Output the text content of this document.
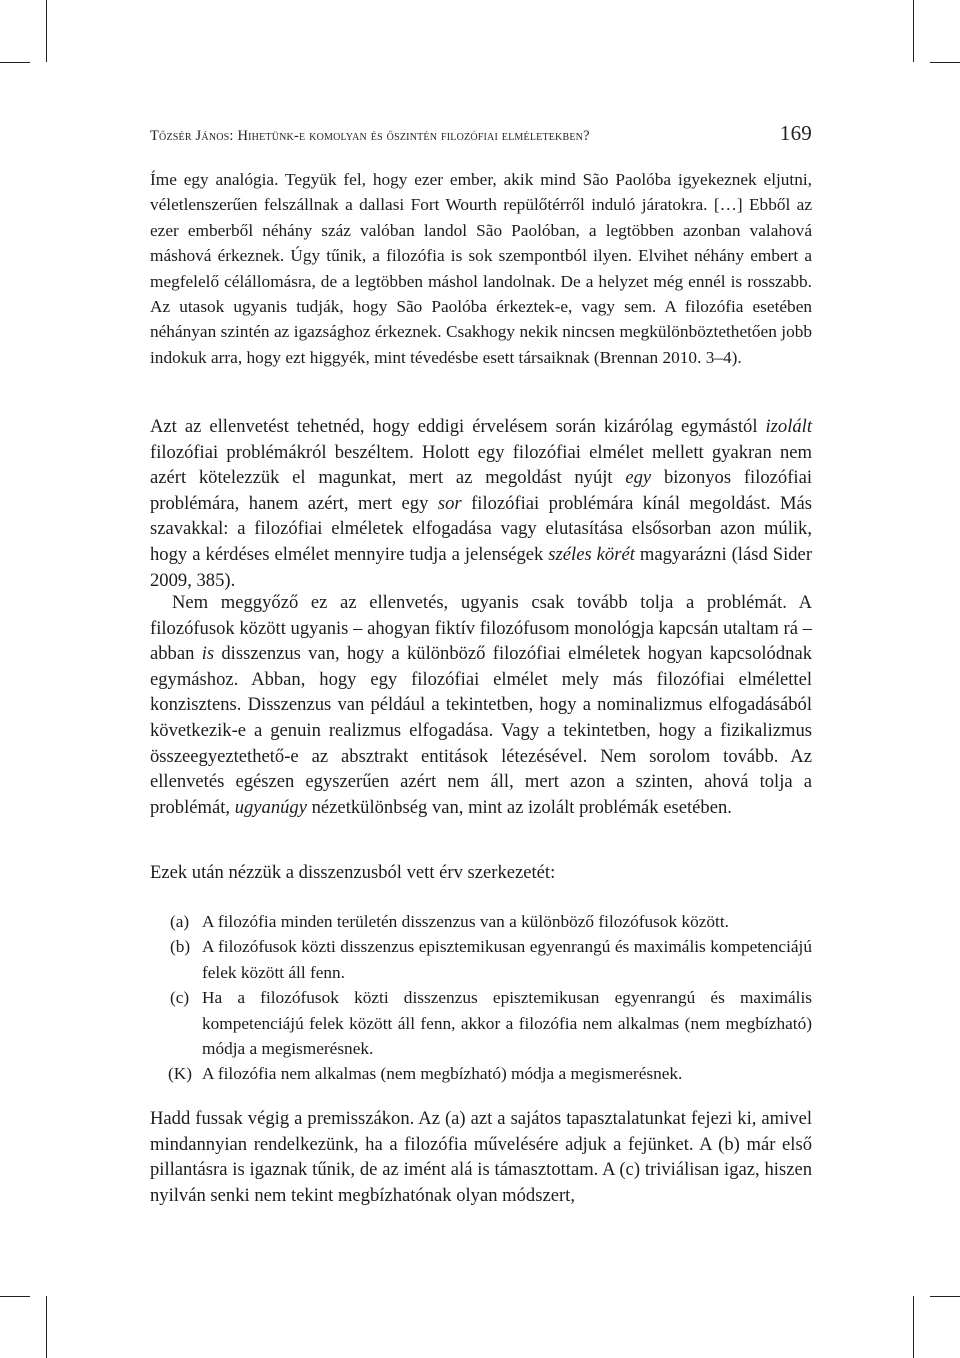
Tőzsér János: Hihetünk-e komolyan és őszintén filozófiai elméletekben?	169

Íme egy analógia. Tegyük fel, hogy ezer ember, akik mind São Paolóba igyekeznek eljutni, véletlenszerűen felszállnak a dallasi Fort Wourth repülőtérről induló járatokra. […] Ebből az ezer emberből néhány száz valóban landol São Paolóban, a legtöbben azonban valahová máshová érkeznek. Úgy tűnik, a filozófia is sok szempontból ilyen. Elvihet néhány embert a megfelelő célállomásra, de a legtöbben máshol landolnak. De a helyzet még ennél is rosszabb. Az utasok ugyanis tudják, hogy São Paolóba érkeztek-e, vagy sem. A filozófia esetében néhányan szintén az igazsághoz érkeznek. Csakhogy nekik nincsen megkülönböztethetően jobb indokuk arra, hogy ezt higgyék, mint tévedésbe esett társaiknak (Brennan 2010. 3–4).

Azt az ellenvetést tehetnéd, hogy eddigi érvelésem során kizárólag egymástól izolált filozófiai problémákról beszéltem. Holott egy filozófiai elmélet mellett gyakran nem azért kötelezzük el magunkat, mert az megoldást nyújt egy bizonyos filozófiai problémára, hanem azért, mert egy sor filozófiai problémára kínál megoldást. Más szavakkal: a filozófiai elméletek elfogadása vagy elutasítása elsősorban azon múlik, hogy a kérdéses elmélet mennyire tudja a jelenségek széles körét magyarázni (lásd Sider 2009, 385).

Nem meggyőző ez az ellenvetés, ugyanis csak tovább tolja a problémát. A filozófusok között ugyanis – ahogyan fiktív filozófusom monológja kapcsán utaltam rá – abban is disszenzus van, hogy a különböző filozófiai elméletek hogyan kapcsolódnak egymáshoz. Abban, hogy egy filozófiai elmélet mely más filozófiai elmélettel konzisztens. Disszenzus van például a tekintetben, hogy a nominalizmus elfogadásából következik-e a genuin realizmus elfogadása. Vagy a tekintetben, hogy a fizikalizmus összeegyeztethető-e az absztrakt entitások létezésével. Nem sorolom tovább. Az ellenvetés egészen egyszerűen azért nem áll, mert azon a szinten, ahová tolja a problémát, ugyanúgy nézetkülönbség van, mint az izolált problémák esetében.

Ezek után nézzük a disszenzusból vett érv szerkezetét:

(a) A filozófia minden területén disszenzus van a különböző filozófusok között.
(b) A filozófusok közti disszenzus episztemikusan egyenrangú és maximális kompetenciájú felek között áll fenn.
(c) Ha a filozófusok közti disszenzus episztemikusan egyenrangú és maximális kompetenciájú felek között áll fenn, akkor a filozófia nem alkalmas (nem megbízható) módja a megismerésnek.
(K) A filozófia nem alkalmas (nem megbízható) módja a megismerésnek.

Hadd fussak végig a premisszákon. Az (a) azt a sajátos tapasztalatunkat fejezi ki, amivel mindannyian rendelkezünk, ha a filozófia művelésére adjuk a fejünket. A (b) már első pillantásra is igaznak tűnik, de az imént alá is támasztottam. A (c) triviálisan igaz, hiszen nyilván senki nem tekint megbízhatónak olyan módszert,
